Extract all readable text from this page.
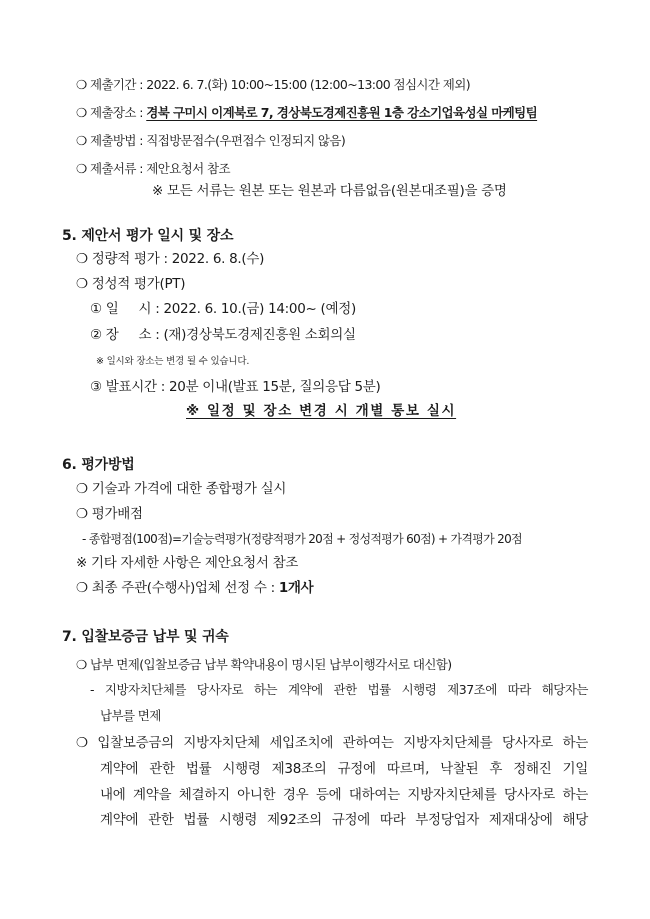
❍ 제출기간 : 2022. 6. 7.(화) 10:00~15:00 (12:00~13:00 점심시간 제외)
❍ 제출장소 : 경북 구미시 이계북로 7, 경상북도경제진흥원 1층 강소기업육성실 마케팅팀
❍ 제출방법 : 직접방문접수(우편접수 인정되지 않음)
❍ 제출서류 : 제안요청서 참조
※ 모든 서류는 원본 또는 원본과 다름없음(원본대조필)을 증명
5. 제안서 평가 일시 및 장소
❍ 정량적 평가 : 2022. 6. 8.(수)
❍ 정성적 평가(PT)
① 일     시 : 2022. 6. 10.(금) 14:00~ (예정)
② 장     소 : (재)경상북도경제진흥원 소회의실
※ 일시와 장소는 변경 될 수 있습니다.
③ 발표시간 : 20분 이내(발표 15분, 질의응답 5분)
※ 일정 및 장소 변경 시 개별 통보 실시
6. 평가방법
❍ 기술과 가격에 대한 종합평가 실시
❍ 평가배점
- 종합평점(100점)=기술능력평가(정량적평가 20점 + 정성적평가 60점) + 가격평가 20점
※ 기타 자세한 사항은 제안요청서 참조
❍ 최종 주관(수행사)업체 선정 수 : 1개사
7. 입찰보증금 납부 및 귀속
❍ 납부 면제(입찰보증금 납부 확약내용이 명시된 납부이행각서로 대신함)
- 지방자치단체를 당사자로 하는 계약에 관한 법률 시행령 제37조에 따라 해당자는
납부를 면제
❍ 입찰보증금의 지방자치단체 세입조치에 관하여는 지방자치단체를 당사자로 하는
계약에 관한 법률 시행령 제38조의 규정에 따르며, 낙찰된 후 정해진 기일
내에 계약을 체결하지 아니한 경우 등에 대하여는 지방자치단체를 당사자로 하는
계약에 관한 법률 시행령 제92조의 규정에 따라 부정당업자 제재대상에 해당
